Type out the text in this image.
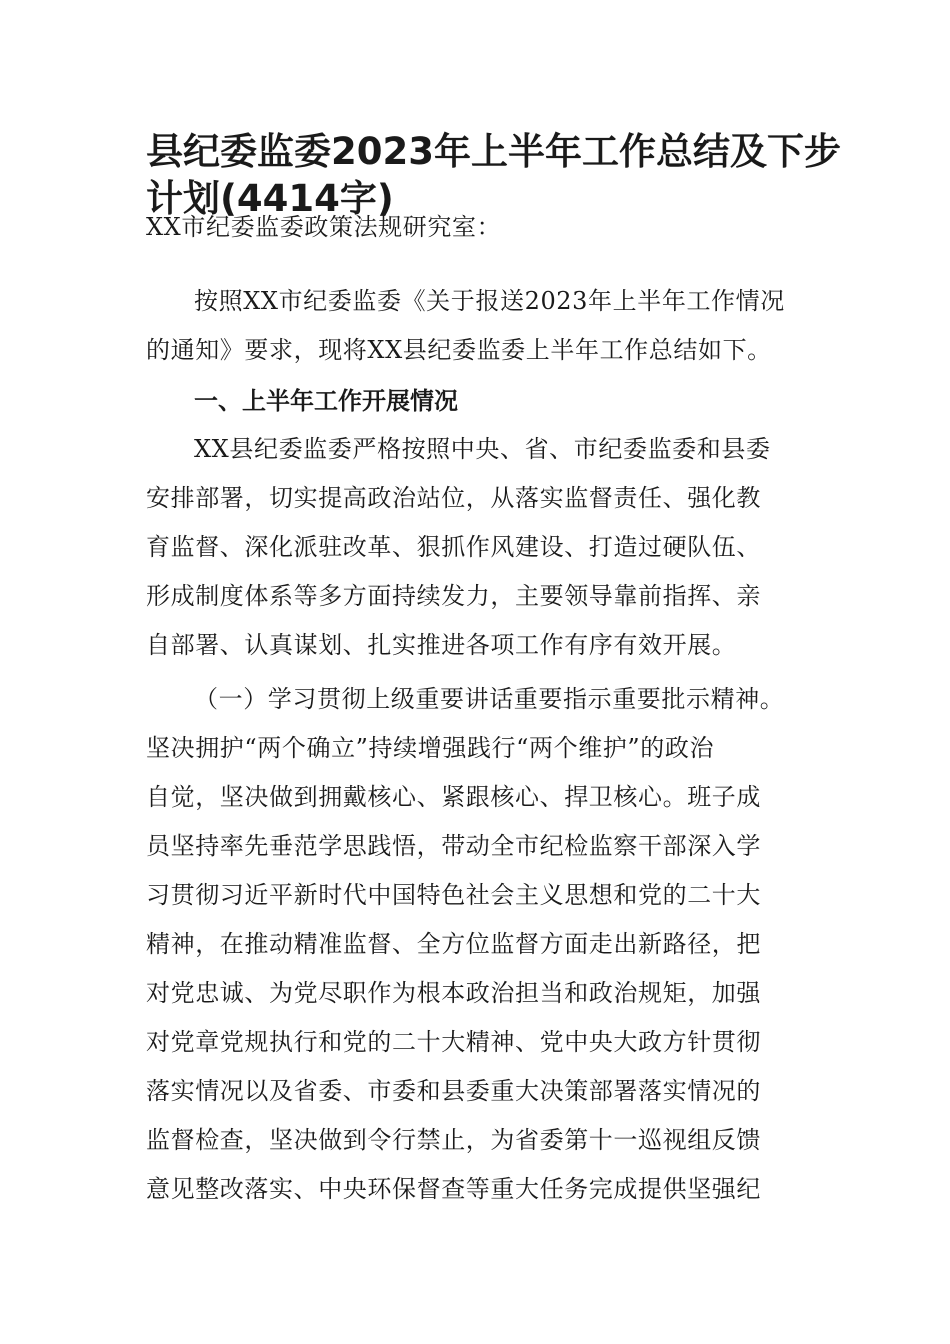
县纪委监委2023年上半年工作总结及下步
计划(4414字)
XX市纪委监委政策法规研究室：
按照XX市纪委监委《关于报送2023年上半年工作情况
的通知》要求，现将XX县纪委监委上半年工作总结如下。
一、上半年工作开展情况
XX县纪委监委严格按照中央、省、市纪委监委和县委
安排部署，切实提高政治站位，从落实监督责任、强化教
育监督、深化派驻改革、狠抓作风建设、打造过硬队伍、
形成制度体系等多方面持续发力，主要领导靠前指挥、亲
自部署、认真谋划、扎实推进各项工作有序有效开展。
（一）学习贯彻上级重要讲话重要指示重要批示精神。
坚决拥护“两个确立”持续增强践行“两个维护”的政治
自觉，坚决做到拥戴核心、紧跟核心、捍卫核心。班子成
员坚持率先垂范学思践悟，带动全市纪检监察干部深入学
习贯彻习近平新时代中国特色社会主义思想和党的二十大
精神，在推动精准监督、全方位监督方面走出新路径，把
对党忠诚、为党尽职作为根本政治担当和政治规矩，加强
对党章党规执行和党的二十大精神、党中央大政方针贯彻
落实情况以及省委、市委和县委重大决策部署落实情况的
监督检查，坚决做到令行禁止，为省委第十一巡视组反馈
意见整改落实、中央环保督查等重大任务完成提供坚强纪
